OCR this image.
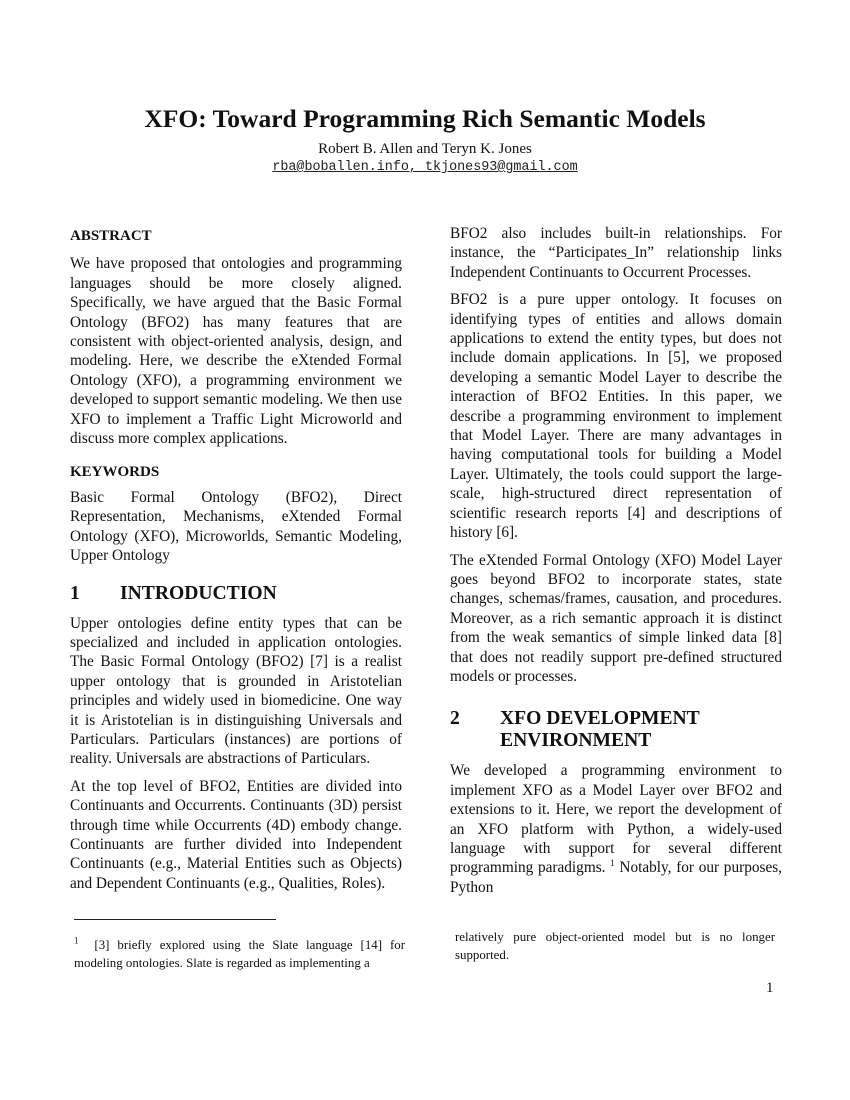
XFO: Toward Programming Rich Semantic Models
Robert B. Allen and Teryn K. Jones
rba@boballen.info, tkjones93@gmail.com

ABSTRACT

We have proposed that ontologies and programming languages should be more closely aligned. Specifically, we have argued that the Basic Formal Ontology (BFO2) has many features that are consistent with object-oriented analysis, design, and modeling. Here, we describe the eXtended Formal Ontology (XFO), a programming environment we developed to support semantic modeling. We then use XFO to implement a Traffic Light Microworld and discuss more complex applications.

KEYWORDS

Basic Formal Ontology (BFO2), Direct Representation, Mechanisms, eXtended Formal Ontology (XFO), Microworlds, Semantic Modeling, Upper Ontology

1	INTRODUCTION

Upper ontologies define entity types that can be specialized and included in application ontologies. The Basic Formal Ontology (BFO2) [7] is a realist upper ontology that is grounded in Aristotelian principles and widely used in biomedicine. One way it is Aristotelian is in distinguishing Universals and Particulars. Particulars (instances) are portions of reality. Universals are abstractions of Particulars.

At the top level of BFO2, Entities are divided into Continuants and Occurrents. Continuants (3D) persist through time while Occurrents (4D) embody change. Continuants are further divided into Independent Continuants (e.g., Material Entities such as Objects) and Dependent Continuants (e.g., Qualities, Roles).

BFO2 also includes built-in relationships. For instance, the “Participates_In” relationship links Independent Continuants to Occurrent Processes.

BFO2 is a pure upper ontology. It focuses on identifying types of entities and allows domain applications to extend the entity types, but does not include domain applications. In [5], we proposed developing a semantic Model Layer to describe the interaction of BFO2 Entities. In this paper, we describe a programming environment to implement that Model Layer. There are many advantages in having computational tools for building a Model Layer. Ultimately, the tools could support the large-scale, high-structured direct representation of scientific research reports [4] and descriptions of history [6].

The eXtended Formal Ontology (XFO) Model Layer goes beyond BFO2 to incorporate states, state changes, schemas/frames, causation, and procedures. Moreover, as a rich semantic approach it is distinct from the weak semantics of simple linked data [8] that does not readily support pre-defined structured models or processes.

2	XFO DEVELOPMENT
ENVIRONMENT

We developed a programming environment to implement XFO as a Model Layer over BFO2 and extensions to it. Here, we report the development of an XFO platform with Python, a widely-used language with support for several different programming paradigms. $^1$ Notably, for our purposes, Python

$^1$ [3] briefly explored using the Slate language [14] for modeling ontologies. Slate is regarded as implementing a
relatively pure object-oriented model but is no longer supported.
1
